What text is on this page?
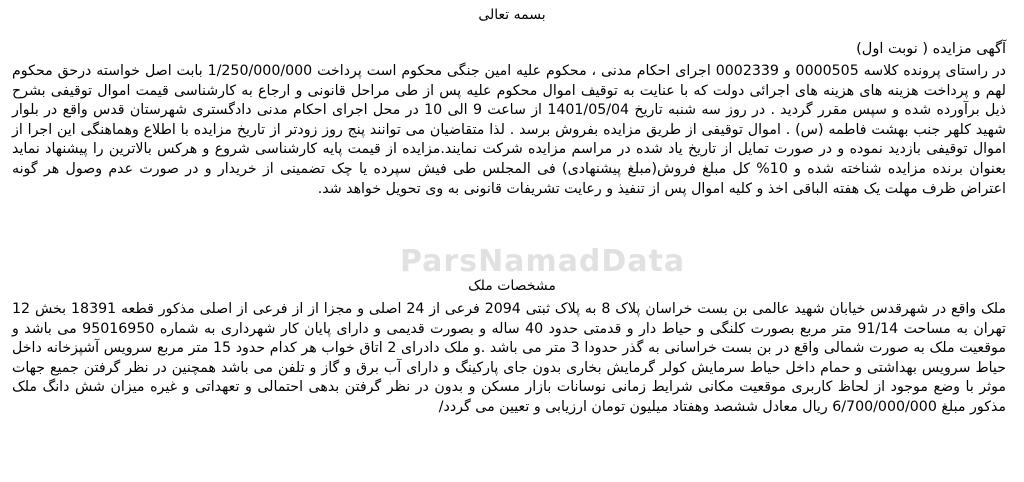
بسمه تعالی
آگهی مزایده ( نوبت اول)
در راستای پرونده کلاسه 0000505 و 0002339 اجرای احکام مدنی ، محکوم علیه امین جنگی محکوم است پرداخت 1/250/000/000 بابت اصل خواسته درحق محکوم لهم و پرداخت هزینه های هزینه های اجرائی دولت که با عنایت به توقیف اموال محکوم علیه پس از طی مراحل قانونی و ارجاع به کارشناسی قیمت اموال توقیفی بشرح ذیل برآورده شده و سپس مقرر گردید . در روز سه شنبه تاریخ 1401/05/04 از ساعت 9 الی 10 در محل اجرای احکام مدنی دادگستری شهرستان قدس واقع در بلوار شهید کلهر جنب بهشت فاطمه (س) . اموال توقیفی از طریق مزایده بفروش برسد . لذا متقاضیان می توانند پنج روز زودتر از تاریخ مزایده با اطلاع وهماهنگی این اجرا از اموال توقیفی بازدید نموده و در صورت تمایل از تاریخ یاد شده در مراسم مزایده شرکت نمایند.مزایده از قیمت پایه کارشناسی شروع و هرکس بالاترین را پیشنهاد نماید بعنوان برنده مزایده شناخته شده و 10% کل مبلغ فروش(مبلغ پیشنهادی) فی المجلس طی فیش سپرده یا چک تضمینی از خریدار و در صورت عدم وصول هر گونه اعتراض ظرف مهلت یک هفته الباقی اخذ و کلیه اموال پس از تنفیذ و رعایت تشریفات قانونی به وی تحویل خواهد شد.
ParsNamadData
مشخصات ملک
ملک واقع در شهرقدس خیابان شهید عالمی بن بست خراسان پلاک 8 به پلاک ثبتی 2094 فرعی از 24 اصلی و مجزا از از فرعی از اصلی مذکور قطعه 18391 بخش 12 تهران به مساحت 91/14 متر مربع بصورت کلنگی و حیاط دار و قدمتی حدود 40 ساله و بصورت قدیمی و دارای پایان کار شهرداری به شماره 95016950 می باشد و موقعیت ملک به صورت شمالی واقع در بن بست خراسانی به گذر حدودا 3 متر می باشد .و ملک دادرای 2 اتاق خواب هر کدام حدود 15 متر مربع سرویس آشپزخانه داخل حیاط سرویس بهداشتی و حمام داخل حیاط سرمایش کولر گرمایش بخاری بدون جای پارکینگ و دارای آب برق و گاز و تلفن می باشد همچنین در نظر گرفتن جمیع جهات موثر با وضع موجود از لحاظ کاربری موقعیت مکانی شرایط زمانی نوسانات بازار مسکن و بدون در نظر گرفتن بدهی احتمالی و تعهداتی و غیره میزان شش دانگ ملک مذکور مبلغ 6/700/000/000 ریال معادل ششصد وهفتاد میلیون تومان ارزیابی و تعیین می گردد/
